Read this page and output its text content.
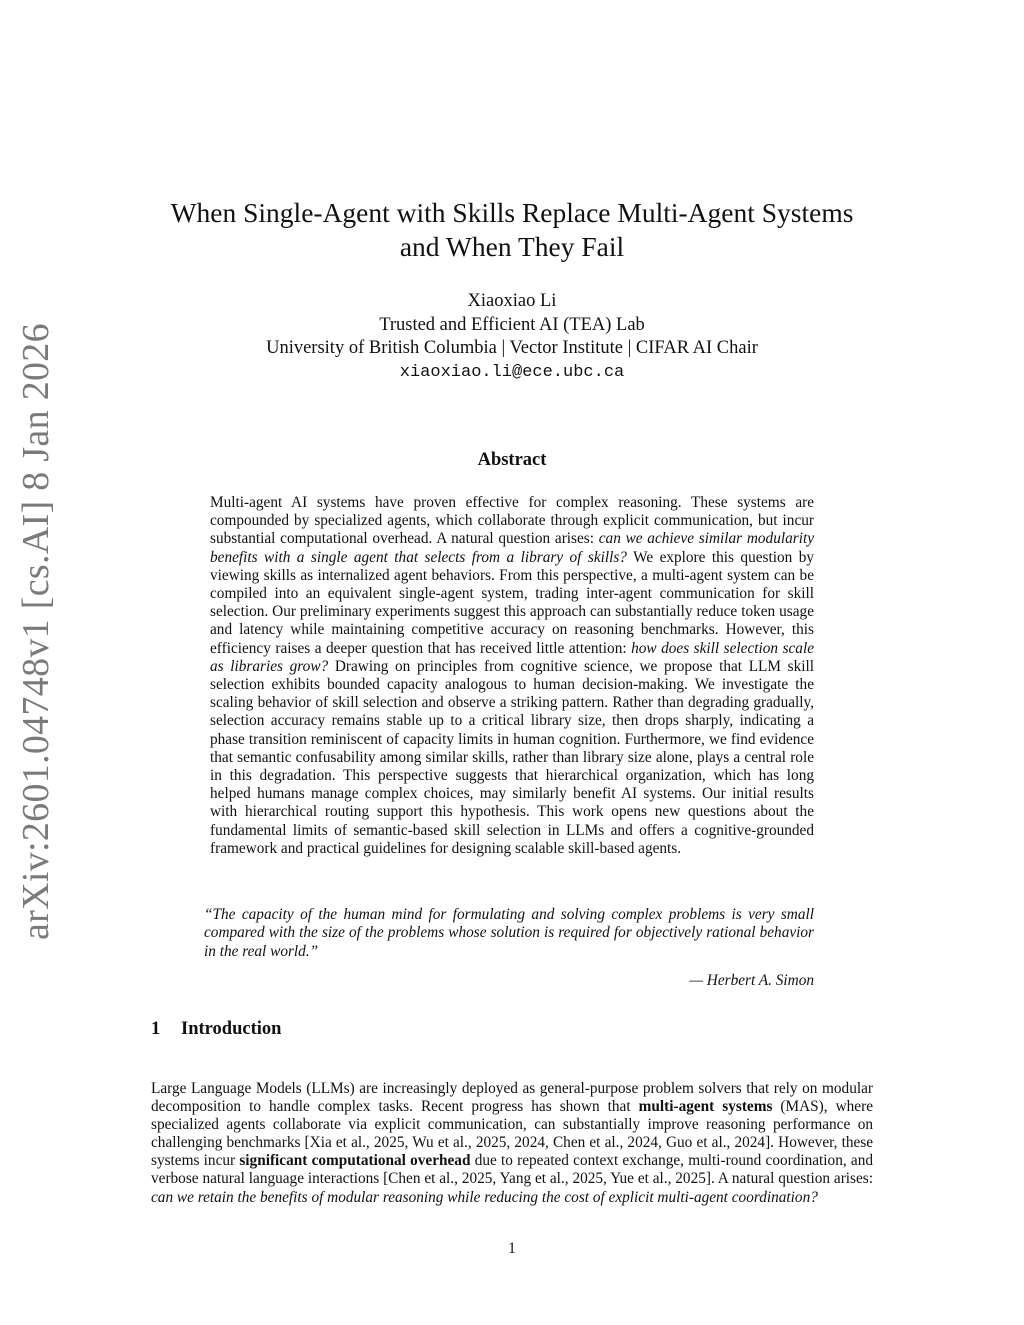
arXiv:2601.04748v1 [cs.AI] 8 Jan 2026
When Single-Agent with Skills Replace Multi-Agent Systems
and When They Fail
Xiaoxiao Li
Trusted and Efficient AI (TEA) Lab
University of British Columbia | Vector Institute | CIFAR AI Chair
xiaoxiao.li@ece.ubc.ca
Abstract

Multi-agent AI systems have proven effective for complex reasoning. These systems are compounded by specialized agents, which collaborate through explicit communication, but incur substantial computational overhead. A natural question arises: can we achieve similar modularity benefits with a single agent that selects from a library of skills? We explore this question by viewing skills as internalized agent behaviors. From this perspective, a multi-agent system can be compiled into an equivalent single-agent system, trading inter-agent communication for skill selection. Our preliminary experiments suggest this approach can substantially reduce token usage and latency while maintaining competitive accuracy on reasoning benchmarks. However, this efficiency raises a deeper question that has received little attention: how does skill selection scale as libraries grow? Drawing on principles from cognitive science, we propose that LLM skill selection exhibits bounded capacity analogous to human decision-making. We investigate the scaling behavior of skill selection and observe a striking pattern. Rather than degrading gradually, selection accuracy remains stable up to a critical library size, then drops sharply, indicating a phase transition reminiscent of capacity limits in human cognition. Furthermore, we find evidence that semantic confusability among similar skills, rather than library size alone, plays a central role in this degradation. This perspective suggests that hierarchical organization, which has long helped humans manage complex choices, may similarly benefit AI systems. Our initial results with hierarchical routing support this hypothesis. This work opens new questions about the fundamental limits of semantic-based skill selection in LLMs and offers a cognitive-grounded framework and practical guidelines for designing scalable skill-based agents.

“The capacity of the human mind for formulating and solving complex problems is very small compared with the size of the problems whose solution is required for objectively rational behavior in the real world.”

— Herbert A. Simon
1 Introduction

Large Language Models (LLMs) are increasingly deployed as general-purpose problem solvers that rely on modular decomposition to handle complex tasks. Recent progress has shown that multi-agent systems (MAS), where specialized agents collaborate via explicit communication, can substantially improve reasoning performance on challenging benchmarks [Xia et al., 2025, Wu et al., 2025, 2024, Chen et al., 2024, Guo et al., 2024]. However, these systems incur significant computational overhead due to repeated context exchange, multi-round coordination, and verbose natural language interactions [Chen et al., 2025, Yang et al., 2025, Yue et al., 2025]. A natural question arises: can we retain the benefits of modular reasoning while reducing the cost of explicit multi-agent coordination?

1
